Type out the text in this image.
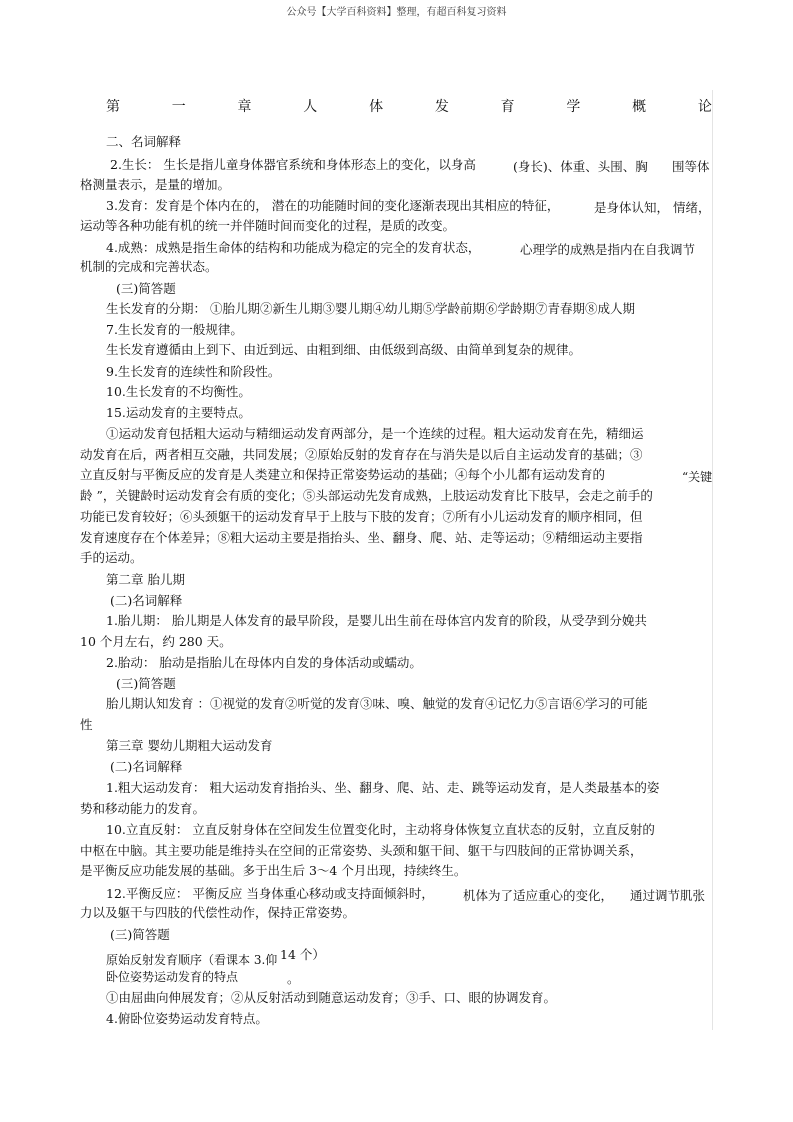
公众号【大学百科资料】整理，有超百科复习资料
第	一	章	人	体	发	育	学	概	论
二、名词解释
2.生长： 生长是指儿童身体器官系统和身体形态上的变化，以身高	(身长)、体重、头围、胸 围等体
格测量表示，是量的增加。
3.发育：发育是个体内在的， 潜在的功能随时间的变化逐渐表现出其相应的特征，	是身体认知， 情绪，
运动等各种功能有机的统一并伴随时间而变化的过程，是质的改变。
4.成熟：成熟是指生命体的结构和功能成为稳定的完全的发育状态，	心理学的成熟是指内在自我调节
机制的完成和完善状态。
(三)简答题
生长发育的分期： ①胎儿期②新生儿期③婴儿期④幼儿期⑤学龄前期⑥学龄期⑦青春期⑧成人期
7.生长发育的一般规律。
生长发育遵循由上到下、由近到远、由粗到细、由低级到高级、由简单到复杂的规律。
9.生长发育的连续性和阶段性。
10.生长发育的不均衡性。
15.运动发育的主要特点。
①运动发育包括粗大运动与精细运动发育两部分，是一个连续的过程。粗大运动发育在先，精细运
动发育在后，两者相互交融，共同发展；②原始反射的发育存在与消失是以后自主运动发育的基础；③
立直反射与平衡反应的发育是人类建立和保持正常姿势运动的基础；④每个小儿都有运动发育的	“关键
龄 ”，关键龄时运动发育会有质的变化；⑤头部运动先发育成熟，上肢运动发育比下肢早，会走之前手的
功能已发育较好；⑥头颈躯干的运动发育早于上肢与下肢的发育；⑦所有小儿运动发育的顺序相同，但
发育速度存在个体差异；⑧粗大运动主要是指抬头、坐、翻身、爬、站、走等运动；⑨精细运动主要指
手的运动。
第二章 胎儿期
(二)名词解释
1.胎儿期： 胎儿期是人体发育的最早阶段，是婴儿出生前在母体宫内发育的阶段，从受孕到分娩共
10 个月左右，约 280 天。
2.胎动： 胎动是指胎儿在母体内自发的身体活动或蠕动。
(三)简答题
胎儿期认知发育 ：①视觉的发育②听觉的发育③味、嗅、触觉的发育④记忆力⑤言语⑥学习的可能
性
第三章 婴幼儿期粗大运动发育
(二)名词解释
1.粗大运动发育： 粗大运动发育指抬头、坐、翻身、爬、站、走、跳等运动发育，是人类最基本的姿
势和移动能力的发育。
10.立直反射： 立直反射身体在空间发生位置变化时，主动将身体恢复立直状态的反射，立直反射的
中枢在中脑。其主要功能是维持头在空间的正常姿势、头颈和躯干间、躯干与四肢间的正常协调关系，
是平衡反应功能发展的基础。多于出生后 3～4 个月出现，持续终生。
12.平衡反应： 平衡反应 当身体重心移动或支持面倾斜时， 机体为了适应重心的变化， 通过调节肌张
力以及躯干与四肢的代偿性动作，保持正常姿势。
(三)简答题
原始反射发育顺序（看课本 3.仰 14 个）
卧位姿势运动发育的特点	。
①由屈曲向伸展发育；②从反射活动到随意运动发育；③手、口、眼的协调发育。
4.俯卧位姿势运动发育特点。
